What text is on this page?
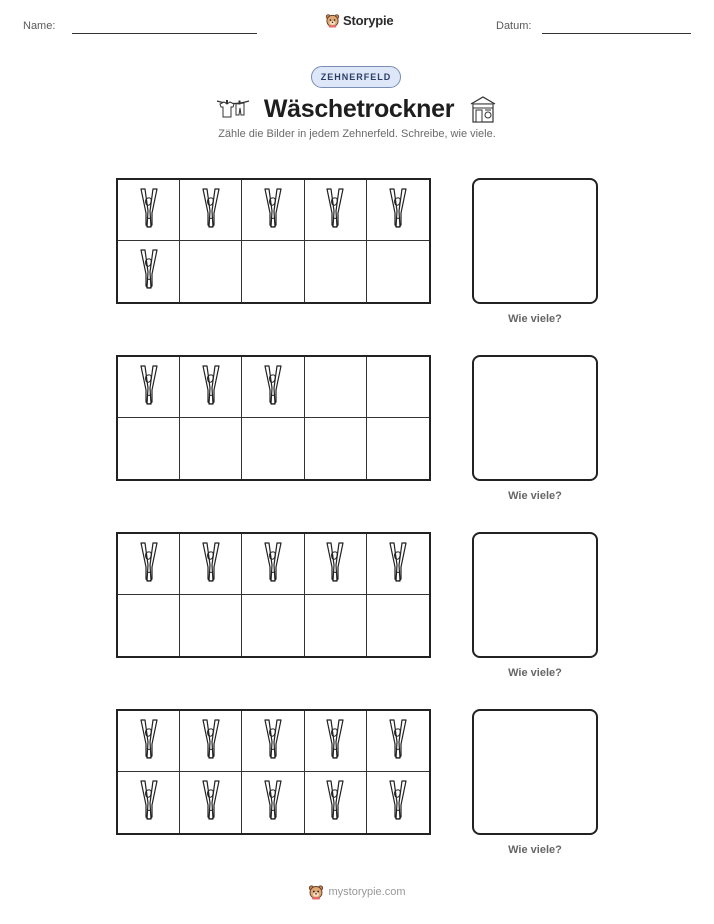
Name:	Storypie	Datum:
ZEHNERFELD
Wäschetrockner
Zähle die Bilder in jedem Zehnerfeld. Schreibe, wie viele.
Wie viele?
Wie viele?
Wie viele?
Wie viele?
mystorypie.com
